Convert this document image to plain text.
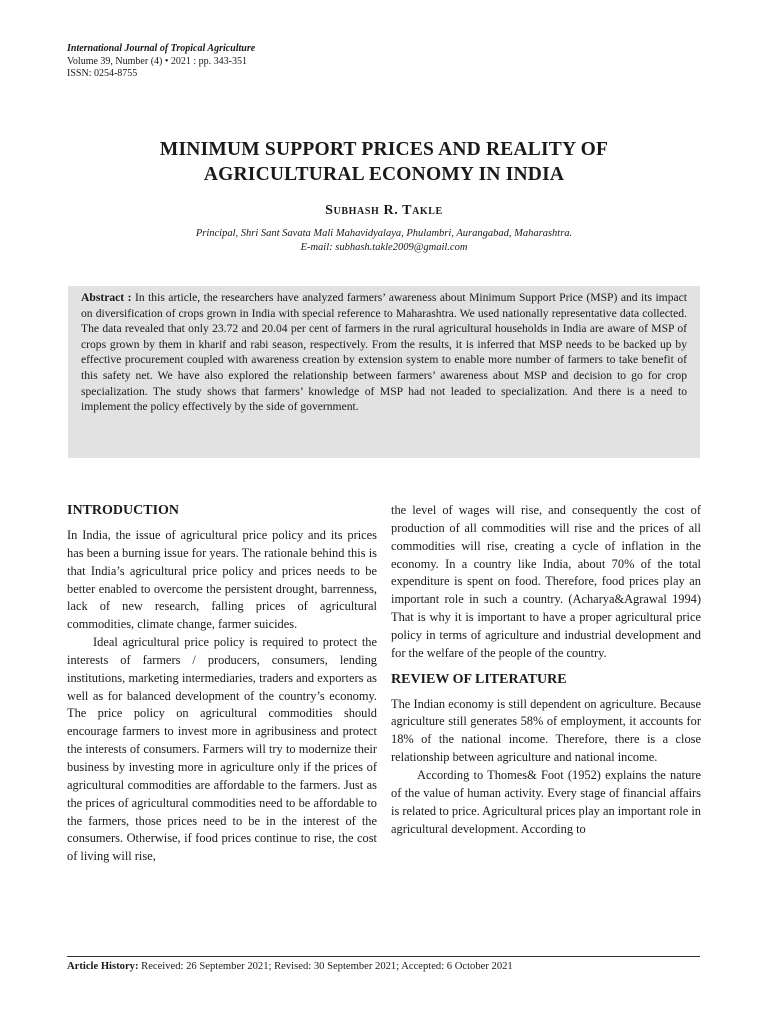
International Journal of Tropical Agriculture
Volume 39, Number (4) • 2021 : pp. 343-351
ISSN: 0254-8755
MINIMUM SUPPORT PRICES AND REALITY OF
AGRICULTURAL ECONOMY IN INDIA
Subhash R. Takle
Principal, Shri Sant Savata Mali Mahavidyalaya, Phulambri, Aurangabad, Maharashtra.
E-mail: subhash.takle2009@gmail.com
Abstract : In this article, the researchers have analyzed farmers’ awareness about Minimum Support Price (MSP) and its impact on diversification of crops grown in India with special reference to Maharashtra. We used nationally representative data collected. The data revealed that only 23.72 and 20.04 per cent of farmers in the rural agricultural households in India are aware of MSP of crops grown by them in kharif and rabi season, respectively. From the results, it is inferred that MSP needs to be backed up by effective procurement coupled with awareness creation by extension system to enable more number of farmers to take benefit of this safety net. We have also explored the relationship between farmers’ awareness about MSP and decision to go for crop specialization. The study shows that farmers’ knowledge of MSP had not leaded to specialization. And there is a need to implement the policy effectively by the side of government.
INTRODUCTION

In India, the issue of agricultural price policy and its prices has been a burning issue for years. The rationale behind this is that India’s agricultural price policy and prices needs to be better enabled to overcome the persistent drought, barrenness, lack of new research, falling prices of agricultural commodities, climate change, farmer suicides.

Ideal agricultural price policy is required to protect the interests of farmers / producers, consumers, lending institutions, marketing intermediaries, traders and exporters as well as for balanced development of the country’s economy. The price policy on agricultural commodities should encourage farmers to invest more in agribusiness and protect the interests of consumers. Farmers will try to modernize their business by investing more in agriculture only if the prices of agricultural commodities are affordable to the farmers. Just as the prices of agricultural commodities need to be affordable to the farmers, those prices need to be in the interest of the consumers. Otherwise, if food prices continue to rise, the cost of living will rise,

the level of wages will rise, and consequently the cost of production of all commodities will rise and the prices of all commodities will rise, creating a cycle of inflation in the economy. In a country like India, about 70% of the total expenditure is spent on food. Therefore, food prices play an important role in such a country. (Acharya&Agrawal 1994) That is why it is important to have a proper agricultural price policy in terms of agriculture and industrial development and for the welfare of the people of the country.

REVIEW OF LITERATURE

The Indian economy is still dependent on agriculture. Because agriculture still generates 58% of employment, it accounts for 18% of the national income. Therefore, there is a close relationship between agriculture and national income.

According to Thomes& Foot (1952) explains the nature of the value of human activity. Every stage of financial affairs is related to price. Agricultural prices play an important role in agricultural development. According to

Article History: Received: 26 September 2021; Revised: 30 September 2021; Accepted: 6 October 2021
